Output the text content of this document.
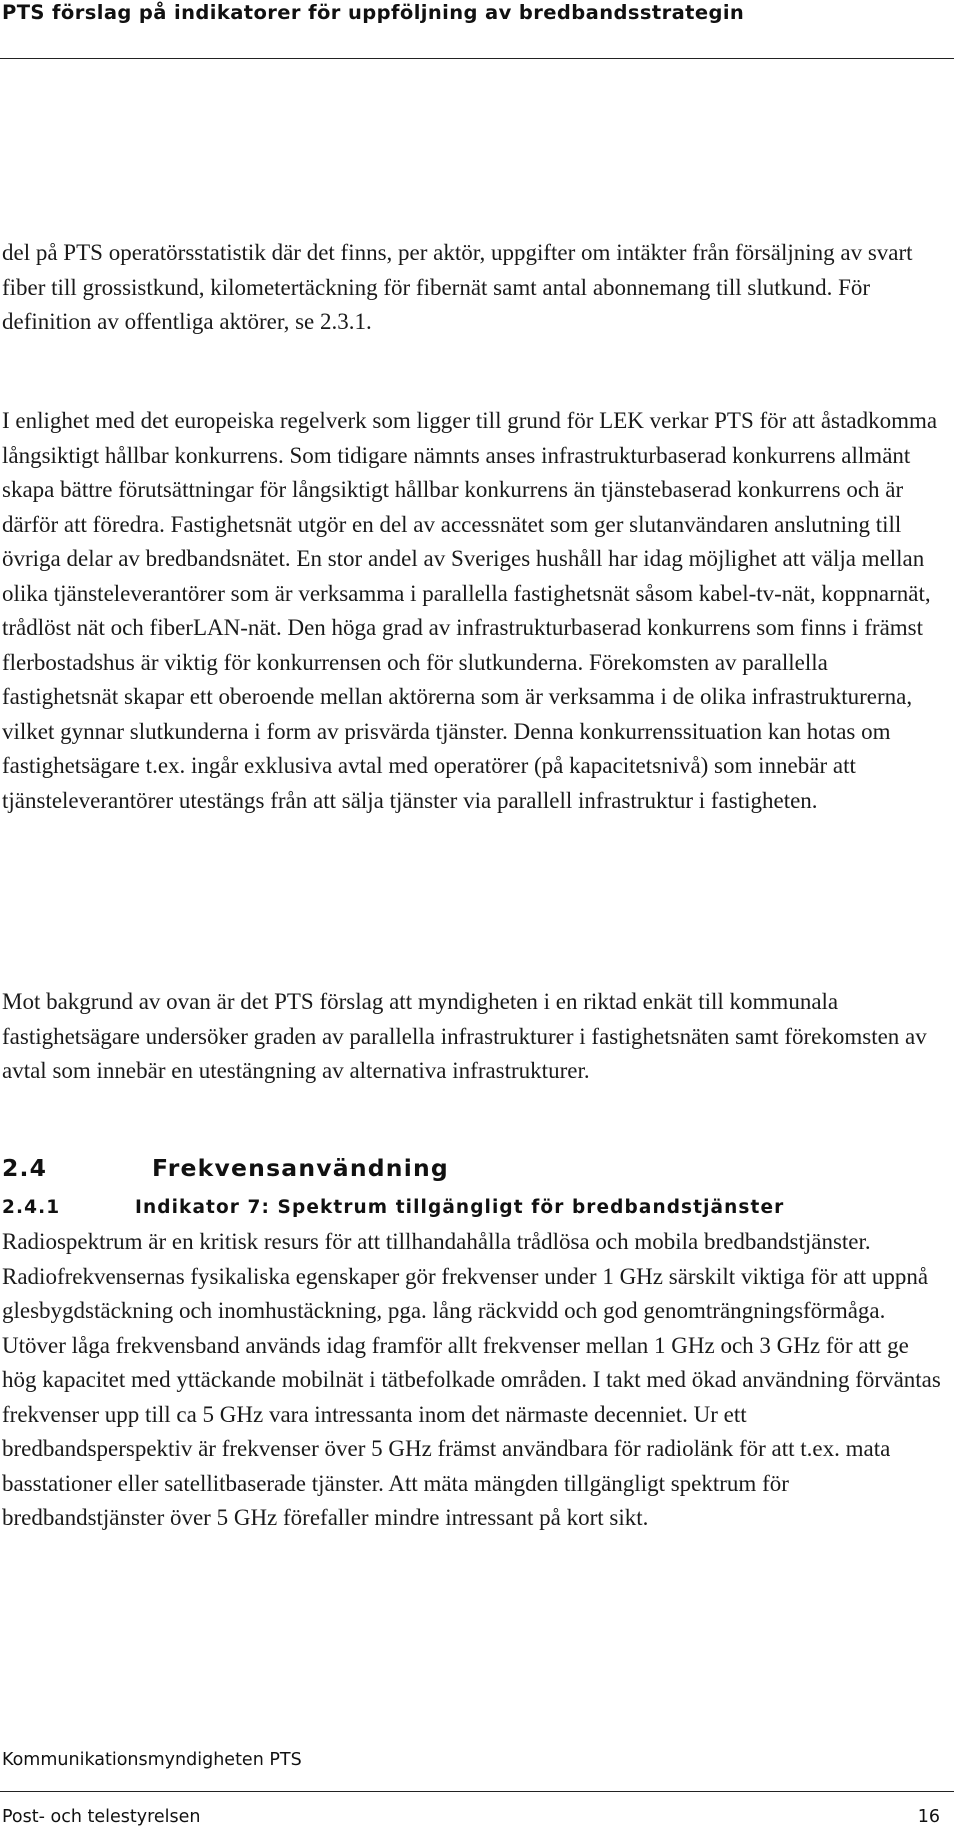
PTS förslag på indikatorer för uppföljning av bredbandsstrategin

del på PTS operatörsstatistik där det finns, per aktör, uppgifter om intäkter från försäljning av svart fiber till grossistkund, kilometertäckning för fibernät samt antal abonnemang till slutkund. För definition av offentliga aktörer, se 2.3.1.

I enlighet med det europeiska regelverk som ligger till grund för LEK verkar PTS för att åstadkomma långsiktigt hållbar konkurrens. Som tidigare nämnts anses infrastrukturbaserad konkurrens allmänt skapa bättre förutsättningar för långsiktigt hållbar konkurrens än tjänstebaserad konkurrens och är därför att föredra. Fastighetsnät utgör en del av accessnätet som ger slutanvändaren anslutning till övriga delar av bredbandsnätet. En stor andel av Sveriges hushåll har idag möjlighet att välja mellan olika tjänsteleverantörer som är verksamma i parallella fastighetsnät såsom kabel-tv-nät, koppnarnät, trådlöst nät och fiberLAN-nät. Den höga grad av infrastrukturbaserad konkurrens som finns i främst flerbostadshus är viktig för konkurrensen och för slutkunderna. Förekomsten av parallella fastighetsnät skapar ett oberoende mellan aktörerna som är verksamma i de olika infrastrukturerna, vilket gynnar slutkunderna i form av prisvärda tjänster. Denna konkurrenssituation kan hotas om fastighetsägare t.ex. ingår exklusiva avtal med operatörer (på kapacitetsnivå) som innebär att tjänsteleverantörer utestängs från att sälja tjänster via parallell infrastruktur i fastigheten.

Mot bakgrund av ovan är det PTS förslag att myndigheten i en riktad enkät till kommunala fastighetsägare undersöker graden av parallella infrastrukturer i fastighetsnäten samt förekomsten av avtal som innebär en utestängning av alternativa infrastrukturer.

2.4	Frekvensanvändning
2.4.1	Indikator 7: Spektrum tillgängligt för bredbandstjänster

Radiospektrum är en kritisk resurs för att tillhandahålla trådlösa och mobila bredbandstjänster. Radiofrekvensernas fysikaliska egenskaper gör frekvenser under 1 GHz särskilt viktiga för att uppnå glesbygdstäckning och inomhustäckning, pga. lång räckvidd och god genomträngningsförmåga. Utöver låga frekvensband används idag framför allt frekvenser mellan 1 GHz och 3 GHz för att ge hög kapacitet med yttäckande mobilnät i tätbefolkade områden. I takt med ökad användning förväntas frekvenser upp till ca 5 GHz vara intressanta inom det närmaste decenniet. Ur ett bredbandsperspektiv är frekvenser över 5 GHz främst användbara för radiolänk för att t.ex. mata basstationer eller satellitbaserade tjänster. Att mäta mängden tillgängligt spektrum för bredbandstjänster över 5 GHz förefaller mindre intressant på kort sikt.

Kommunikationsmyndigheten PTS
Post- och telestyrelsen	16
